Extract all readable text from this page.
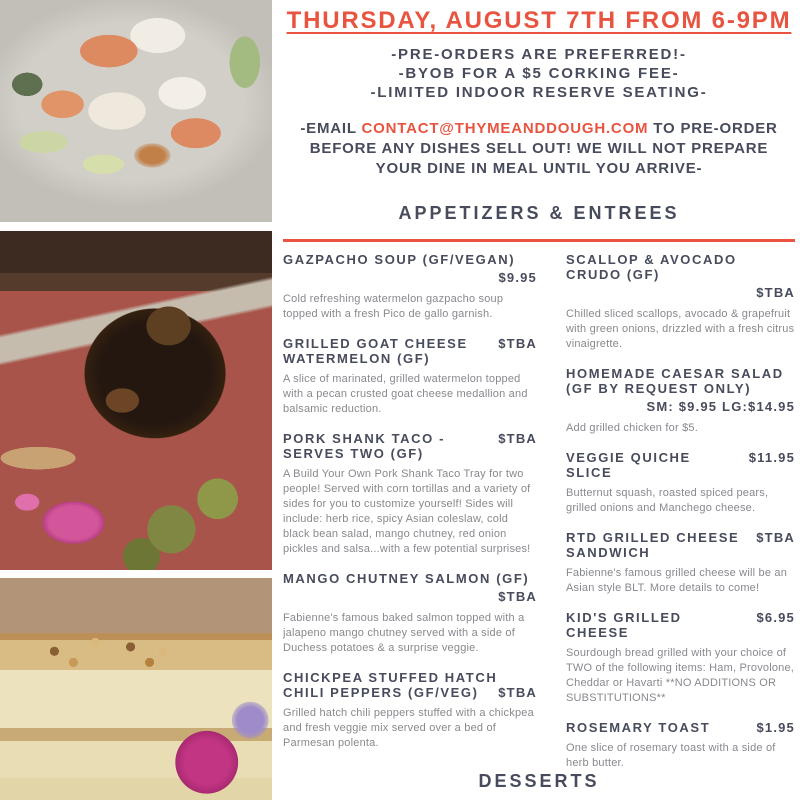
THURSDAY, AUGUST 7TH FROM 6-9PM

-PRE-ORDERS ARE PREFERRED!-

-BYOB FOR A $5 CORKING FEE-

-LIMITED INDOOR RESERVE SEATING-

-EMAIL CONTACT@THYMEANDDOUGH.COM TO PRE-ORDER BEFORE ANY DISHES SELL OUT! WE WILL NOT PREPARE YOUR DINE IN MEAL UNTIL YOU ARRIVE-

APPETIZERS & ENTREES
GAZPACHO SOUP (GF/VEGAN)
$9.95

Cold refreshing watermelon gazpacho soup topped with a fresh Pico de gallo garnish.

GRILLED GOAT CHEESE WATERMELON (GF)
$TBA

A slice of marinated, grilled watermelon topped with a pecan crusted goat cheese medallion and balsamic reduction.

PORK SHANK TACO - SERVES TWO (GF)
$TBA

A Build Your Own Pork Shank Taco Tray for two people! Served with corn tortillas and a variety of sides for you to customize yourself! Sides will include: herb rice, spicy Asian coleslaw, cold black bean salad, mango chutney, red onion pickles and salsa...with a few potential surprises!

MANGO CHUTNEY SALMON (GF)
$TBA

Fabienne's famous baked salmon topped with a jalapeno mango chutney served with a side of Duchess potatoes & a surprise veggie.

CHICKPEA STUFFED HATCH CHILI PEPPERS (GF/VEG)	$TBA

Grilled hatch chili peppers stuffed with a chickpea and fresh veggie mix served over a bed of Parmesan polenta.

SCALLOP & AVOCADO CRUDO (GF)
$TBA

Chilled sliced scallops, avocado & grapefruit with green onions, drizzled with a fresh citrus vinaigrette.

HOMEMADE CAESAR SALAD (GF BY REQUEST ONLY)
SM: $9.95 LG:$14.95

Add grilled chicken for $5.

VEGGIE QUICHE SLICE
$11.95

Butternut squash, roasted spiced pears, grilled onions and Manchego cheese.

RTD GRILLED CHEESE SANDWICH
$TBA

Fabienne's famous grilled cheese will be an Asian style BLT. More details to come!

KID'S GRILLED CHEESE
$6.95

Sourdough bread grilled with your choice of TWO of the following items: Ham, Provolone, Cheddar or Havarti **NO ADDITIONS OR SUBSTITUTIONS**

ROSEMARY TOAST	$1.95

One slice of rosemary toast with a side of herb butter.

DESSERTS
